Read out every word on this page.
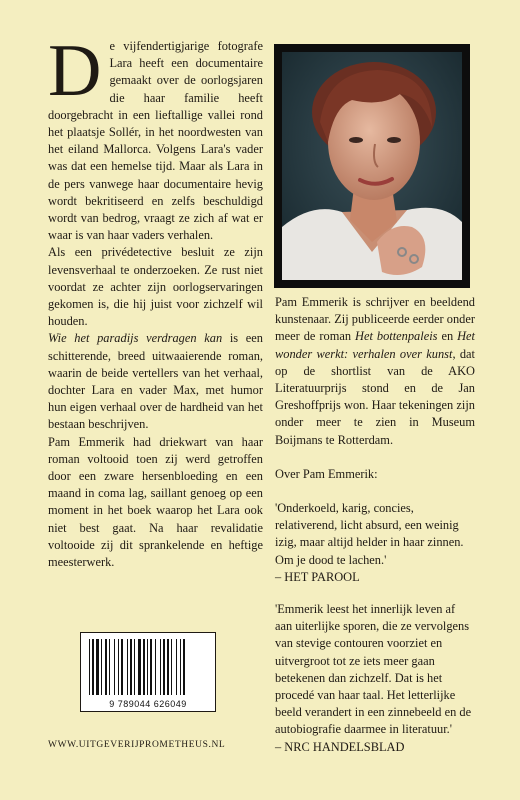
De vijfendertigjarige fotografe Lara heeft een documentaire gemaakt over de oorlogsjaren die haar familie heeft doorgebracht in een lieftallige vallei rond het plaatsje Sollér, in het noordwesten van het eiland Mallorca. Volgens Lara's vader was dat een hemelse tijd. Maar als Lara in de pers vanwege haar documentaire hevig wordt bekritiseerd en zelfs beschuldigd wordt van bedrog, vraagt ze zich af wat er waar is van haar vaders verhalen.

Als een privédetective besluit ze zijn levensverhaal te onderzoeken. Ze rust niet voordat ze achter zijn oorlogservaringen gekomen is, die hij juist voor zichzelf wil houden.

Wie het paradijs verdragen kan is een schitterende, breed uitwaaierende roman, waarin de beide vertellers van het verhaal, dochter Lara en vader Max, met humor hun eigen verhaal over de hardheid van het bestaan beschrijven.

Pam Emmerik had driekwart van haar roman voltooid toen zij werd getroffen door een zware hersenbloeding en een maand in coma lag, saillant genoeg op een moment in het boek waarop het Lara ook niet best gaat. Na haar revalidatie voltooide zij dit sprankelende en heftige meesterwerk.

Pam Emmerik is schrijver en beeldend kunstenaar. Zij publiceerde eerder onder meer de roman Het bottenpaleis en Het wonder werkt: verhalen over kunst, dat op de shortlist van de AKO Literatuurprijs stond en de Jan Greshoffprijs won. Haar tekeningen zijn onder meer te zien in Museum Boijmans te Rotterdam.

Over Pam Emmerik:

'Onderkoeld, karig, concies, relativerend, licht absurd, een weinig izig, maar altijd helder in haar zinnen. Om je dood te lachen.'
– HET PAROOL
'Emmerik leest het innerlijk leven af aan uiterlijke sporen, die ze vervolgens van stevige contouren voorziet en uitvergroot tot ze iets meer gaan betekenen dan zichzelf. Dat is het procedé van haar taal. Het letterlijke beeld verandert in een zinnebeeld en de autobiografie daarmee in literatuur.'
– NRC HANDELSBLAD
9 789044 626049
WWW.UITGEVERIJPROMETHEUS.NL
